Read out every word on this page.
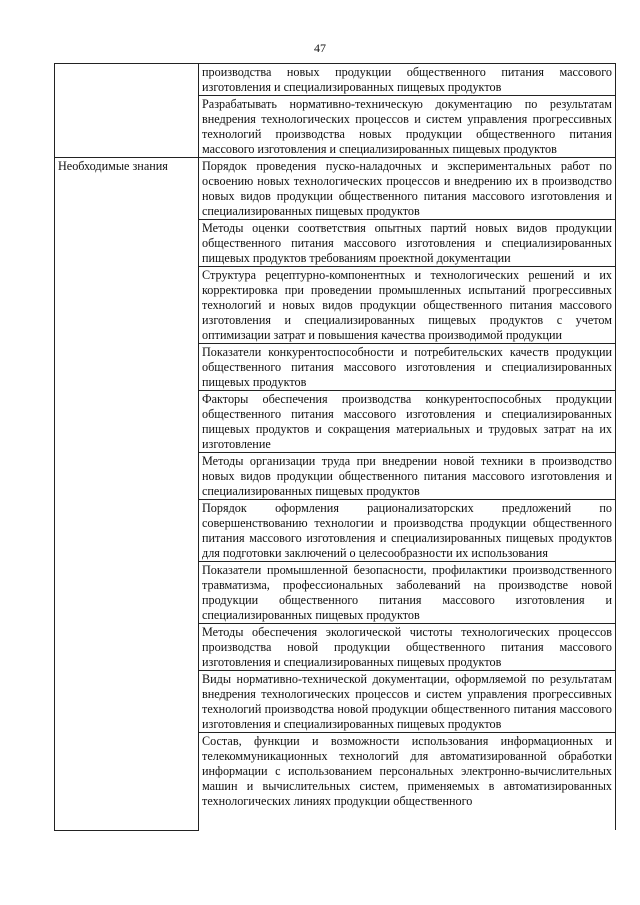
47
	производства новых продукции общественного питания массового изготовления и специализированных пищевых продуктов
	Разрабатывать нормативно-техническую документацию по результатам внедрения технологических процессов и систем управления прогрессивных технологий производства новых продукции общественного питания массового изготовления и специализированных пищевых продуктов
Необходимые знания	Порядок проведения пуско-наладочных и экспериментальных работ по освоению новых технологических процессов и внедрению их в производство новых видов продукции общественного питания массового изготовления и специализированных пищевых продуктов
	Методы оценки соответствия опытных партий новых видов продукции общественного питания массового изготовления и специализированных пищевых продуктов требованиям проектной документации
	Структура рецептурно-компонентных и технологических решений и их корректировка при проведении промышленных испытаний прогрессивных технологий и новых видов продукции общественного питания массового изготовления и специализированных пищевых продуктов с учетом оптимизации затрат и повышения качества производимой продукции
	Показатели конкурентоспособности и потребительских качеств продукции общественного питания массового изготовления и специализированных пищевых продуктов
	Факторы обеспечения производства конкурентоспособных продукции общественного питания массового изготовления и специализированных пищевых продуктов и сокращения материальных и трудовых затрат на их изготовление
	Методы организации труда при внедрении новой техники в производство новых видов продукции общественного питания массового изготовления и специализированных пищевых продуктов
	Порядок оформления рационализаторских предложений по совершенствованию технологии и производства продукции общественного питания массового изготовления и специализированных пищевых продуктов для подготовки заключений о целесообразности их использования
	Показатели промышленной безопасности, профилактики производственного травматизма, профессиональных заболеваний на производстве новой продукции общественного питания массового изготовления и специализированных пищевых продуктов
	Методы обеспечения экологической чистоты технологических процессов производства новой продукции общественного питания массового изготовления и специализированных пищевых продуктов
	Виды нормативно-технической документации, оформляемой по результатам внедрения технологических процессов и систем управления прогрессивных технологий производства новой продукции общественного питания массового изготовления и специализированных пищевых продуктов
	Состав, функции и возможности использования информационных и телекоммуникационных технологий для автоматизированной обработки информации с использованием персональных электронно-вычислительных машин и вычислительных систем, применяемых в автоматизированных технологических линиях продукции общественного
